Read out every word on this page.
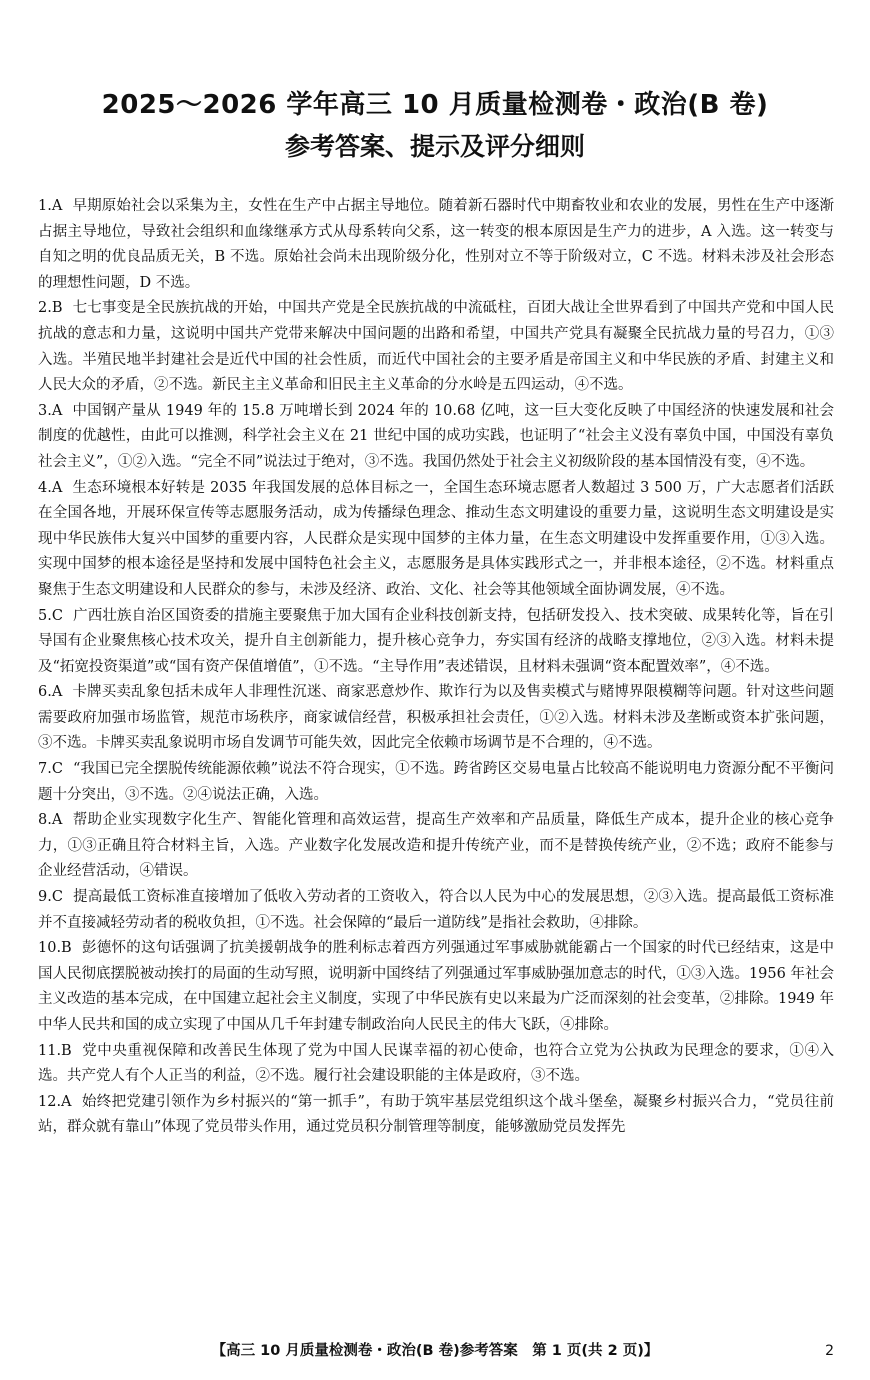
2025～2026 学年高三 10 月质量检测卷・政治(B 卷)
参考答案、提示及评分细则

1.A 早期原始社会以采集为主，女性在生产中占据主导地位。随着新石器时代中期畜牧业和农业的发展，男性在生产中逐渐占据主导地位，导致社会组织和血缘继承方式从母系转向父系，这一转变的根本原因是生产力的进步，A 入选。这一转变与自知之明的优良品质无关，B 不选。原始社会尚未出现阶级分化，性别对立不等于阶级对立，C 不选。材料未涉及社会形态的理想性问题，D 不选。

2.B 七七事变是全民族抗战的开始，中国共产党是全民族抗战的中流砥柱，百团大战让全世界看到了中国共产党和中国人民抗战的意志和力量，这说明中国共产党带来解决中国问题的出路和希望，中国共产党具有凝聚全民抗战力量的号召力，①③入选。半殖民地半封建社会是近代中国的社会性质，而近代中国社会的主要矛盾是帝国主义和中华民族的矛盾、封建主义和人民大众的矛盾，②不选。新民主主义革命和旧民主主义革命的分水岭是五四运动，④不选。

3.A 中国钢产量从 1949 年的 15.8 万吨增长到 2024 年的 10.68 亿吨，这一巨大变化反映了中国经济的快速发展和社会制度的优越性，由此可以推测，科学社会主义在 21 世纪中国的成功实践，也证明了“社会主义没有辜负中国，中国没有辜负社会主义”，①②入选。“完全不同”说法过于绝对，③不选。我国仍然处于社会主义初级阶段的基本国情没有变，④不选。

4.A 生态环境根本好转是 2035 年我国发展的总体目标之一，全国生态环境志愿者人数超过 3 500 万，广大志愿者们活跃在全国各地，开展环保宣传等志愿服务活动，成为传播绿色理念、推动生态文明建设的重要力量，这说明生态文明建设是实现中华民族伟大复兴中国梦的重要内容，人民群众是实现中国梦的主体力量，在生态文明建设中发挥重要作用，①③入选。实现中国梦的根本途径是坚持和发展中国特色社会主义，志愿服务是具体实践形式之一，并非根本途径，②不选。材料重点聚焦于生态文明建设和人民群众的参与，未涉及经济、政治、文化、社会等其他领域全面协调发展，④不选。

5.C 广西壮族自治区国资委的措施主要聚焦于加大国有企业科技创新支持，包括研发投入、技术突破、成果转化等，旨在引导国有企业聚焦核心技术攻关，提升自主创新能力，提升核心竞争力，夯实国有经济的战略支撑地位，②③入选。材料未提及“拓宽投资渠道”或“国有资产保值增值”，①不选。“主导作用”表述错误，且材料未强调“资本配置效率”，④不选。

6.A 卡牌买卖乱象包括未成年人非理性沉迷、商家恶意炒作、欺诈行为以及售卖模式与赌博界限模糊等问题。针对这些问题需要政府加强市场监管，规范市场秩序，商家诚信经营，积极承担社会责任，①②入选。材料未涉及垄断或资本扩张问题，③不选。卡牌买卖乱象说明市场自发调节可能失效，因此完全依赖市场调节是不合理的，④不选。

7.C “我国已完全摆脱传统能源依赖”说法不符合现实，①不选。跨省跨区交易电量占比较高不能说明电力资源分配不平衡问题十分突出，③不选。②④说法正确，入选。

8.A 帮助企业实现数字化生产、智能化管理和高效运营，提高生产效率和产品质量，降低生产成本，提升企业的核心竞争力，①③正确且符合材料主旨，入选。产业数字化发展改造和提升传统产业，而不是替换传统产业，②不选；政府不能参与企业经营活动，④错误。

9.C 提高最低工资标准直接增加了低收入劳动者的工资收入，符合以人民为中心的发展思想，②③入选。提高最低工资标准并不直接减轻劳动者的税收负担，①不选。社会保障的“最后一道防线”是指社会救助，④排除。

10.B 彭德怀的这句话强调了抗美援朝战争的胜利标志着西方列强通过军事威胁就能霸占一个国家的时代已经结束，这是中国人民彻底摆脱被动挨打的局面的生动写照，说明新中国终结了列强通过军事威胁强加意志的时代，①③入选。1956 年社会主义改造的基本完成，在中国建立起社会主义制度，实现了中华民族有史以来最为广泛而深刻的社会变革，②排除。1949 年中华人民共和国的成立实现了中国从几千年封建专制政治向人民民主的伟大飞跃，④排除。

11.B 党中央重视保障和改善民生体现了党为中国人民谋幸福的初心使命，也符合立党为公执政为民理念的要求，①④入选。共产党人有个人正当的利益，②不选。履行社会建设职能的主体是政府，③不选。

12.A 始终把党建引领作为乡村振兴的“第一抓手”，有助于筑牢基层党组织这个战斗堡垒，凝聚乡村振兴合力，“党员往前站，群众就有靠山”体现了党员带头作用，通过党员积分制管理等制度，能够激励党员发挥先

【高三 10 月质量检测卷・政治(B 卷)参考答案　第 1 页(共 2 页)】	2
